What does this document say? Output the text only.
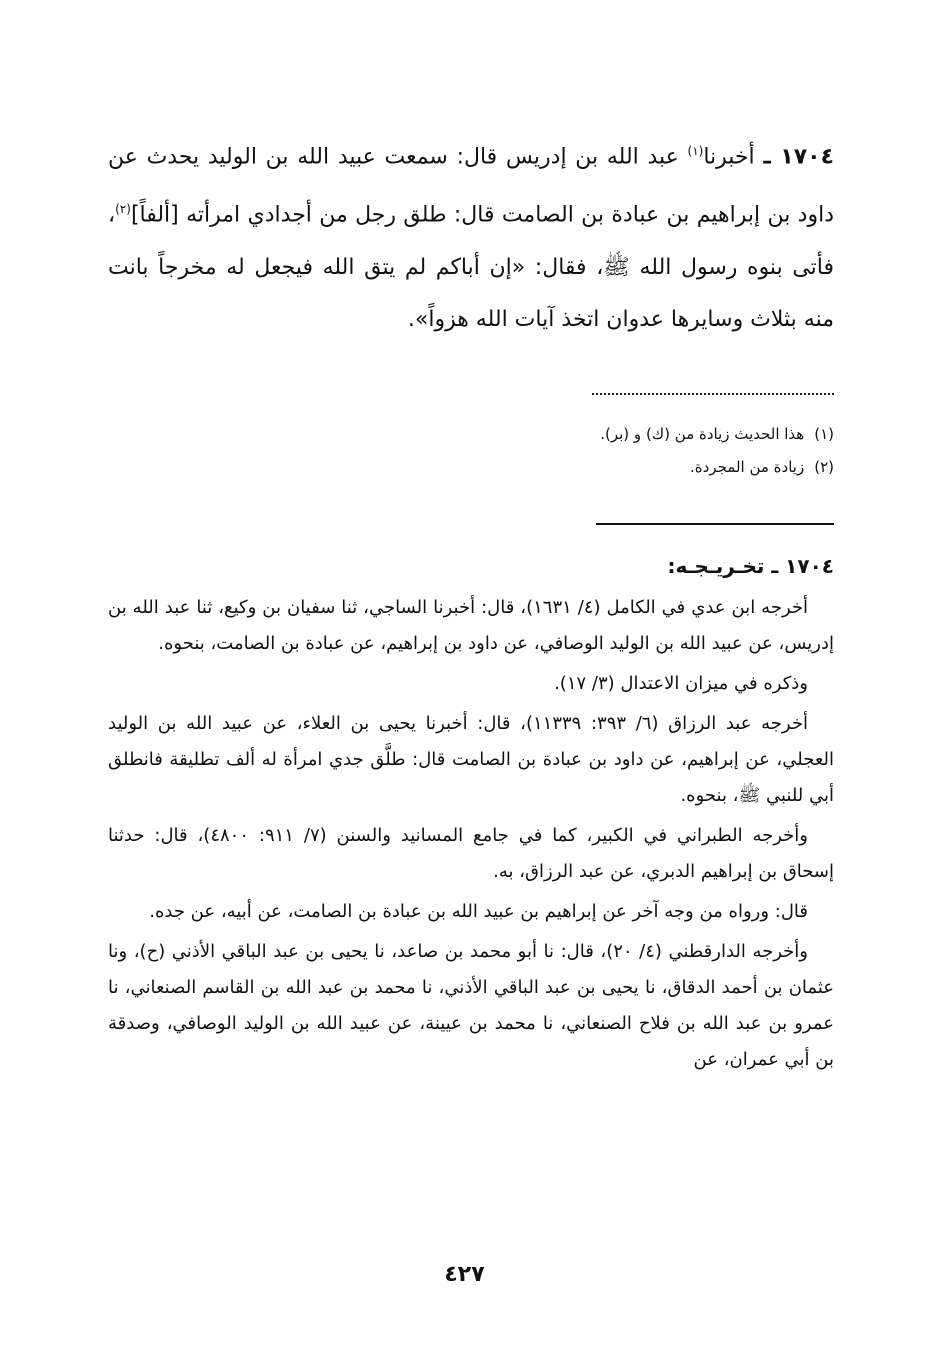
١٧٠٤ ـ أخبرنا$^{(١)}$ عبد الله بن إدريس قال: سمعت عبيد الله بن الوليد يحدث عن داود بن إبراهيم بن عبادة بن الصامت قال: طلق رجل من أجدادي امرأته [ألفاً]$^{(٢)}$، فأتى بنوه رسول الله ﷺ، فقال: «إن أباكم لم يتق الله فيجعل له مخرجاً بانت منه بثلاث وسايرها عدوان اتخذ آيات الله هزواً».
(١)هذا الحديث زيادة من (ك) و (بر).
(٢)زيادة من المجردة.
١٧٠٤ ـ تخـريـجـه:

أخرجه ابن عدي في الكامل (٤/ ١٦٣١)، قال: أخبرنا الساجي، ثنا سفيان بن وكيع، ثنا عبد الله بن إدريس، عن عبيد الله بن الوليد الوصافي، عن داود بن إبراهيم، عن عبادة بن الصامت، بنحوه.

وذكره في ميزان الاعتدال (٣/ ١٧).

أخرجه عبد الرزاق (٦/ ٣٩٣: ١١٣٣٩)، قال: أخبرنا يحيى بن العلاء، عن عبيد الله بن الوليد العجلي، عن إبراهيم، عن داود بن عبادة بن الصامت قال: طلَّق جدي امرأة له ألف تطليقة فانطلق أبي للنبي ﷺ، بنحوه.

وأخرجه الطبراني في الكبير، كما في جامع المسانيد والسنن (٧/ ٩١١: ٤٨٠٠)، قال: حدثنا إسحاق بن إبراهيم الدبري، عن عبد الرزاق، به.

قال: ورواه من وجه آخر عن إبراهيم بن عبيد الله بن عبادة بن الصامت، عن أبيه، عن جده.

وأخرجه الدارقطني (٤/ ٢٠)، قال: نا أبو محمد بن صاعد، نا يحيى بن عبد الباقي الأذني (ح)، ونا عثمان بن أحمد الدقاق، نا يحيى بن عبد الباقي الأذني، نا محمد بن عبد الله بن القاسم الصنعاني، نا عمرو بن عبد الله بن فلاح الصنعاني، نا محمد بن عيينة، عن عبيد الله بن الوليد الوصافي، وصدقة بن أبي عمران، عن

٤٢٧
